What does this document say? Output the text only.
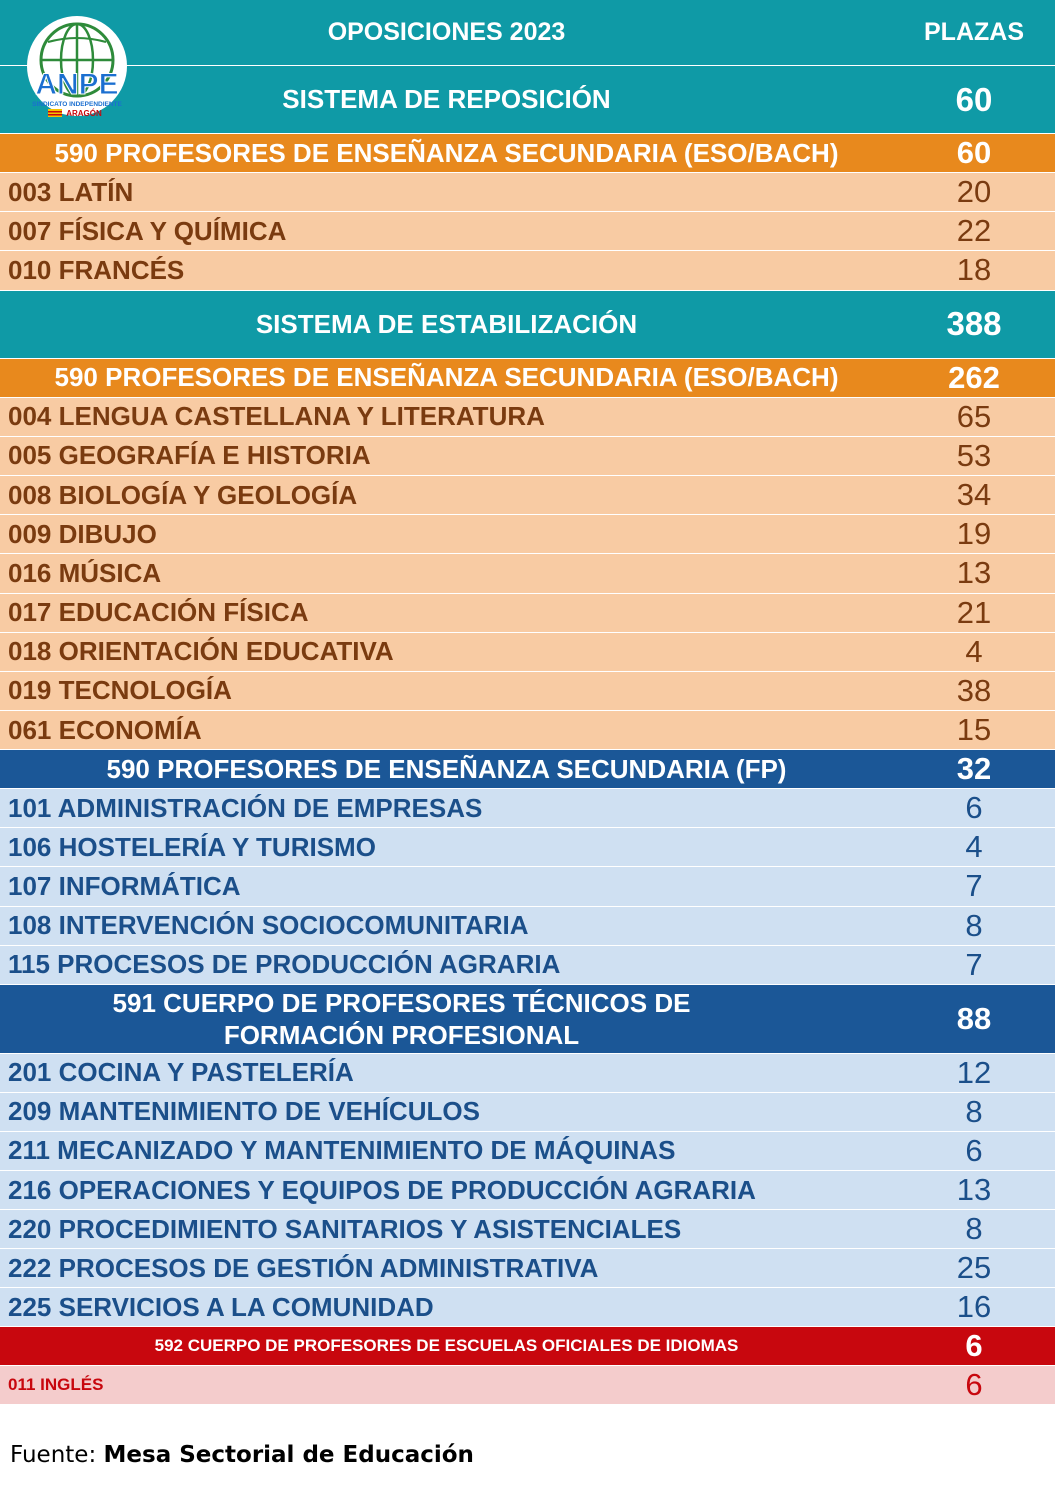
OPOSICIONES 2023	PLAZAS
SISTEMA DE REPOSICIÓN	60
590 PROFESORES DE ENSEÑANZA SECUNDARIA (ESO/BACH)	60
003 LATÍN	20
007 FÍSICA Y QUÍMICA	22
010 FRANCÉS	18
SISTEMA DE ESTABILIZACIÓN	388
590 PROFESORES DE ENSEÑANZA SECUNDARIA (ESO/BACH)	262
004 LENGUA CASTELLANA Y LITERATURA	65
005 GEOGRAFÍA E HISTORIA	53
008 BIOLOGÍA Y GEOLOGÍA	34
009 DIBUJO	19
016 MÚSICA	13
017 EDUCACIÓN FÍSICA	21
018 ORIENTACIÓN EDUCATIVA	4
019 TECNOLOGÍA	38
061 ECONOMÍA	15
590 PROFESORES DE ENSEÑANZA SECUNDARIA (FP)	32
101 ADMINISTRACIÓN DE EMPRESAS	6
106 HOSTELERÍA Y TURISMO	4
107 INFORMÁTICA	7
108 INTERVENCIÓN SOCIOCOMUNITARIA	8
115 PROCESOS DE PRODUCCIÓN AGRARIA	7
591 CUERPO DE PROFESORES TÉCNICOS DE FORMACIÓN PROFESIONAL	88
201 COCINA Y PASTELERÍA	12
209 MANTENIMIENTO DE VEHÍCULOS	8
211 MECANIZADO Y MANTENIMIENTO DE MÁQUINAS	6
216 OPERACIONES Y EQUIPOS DE PRODUCCIÓN AGRARIA	13
220 PROCEDIMIENTO SANITARIOS Y ASISTENCIALES	8
222 PROCESOS DE GESTIÓN ADMINISTRATIVA	25
225 SERVICIOS A LA COMUNIDAD	16
592 CUERPO DE PROFESORES DE ESCUELAS OFICIALES DE IDIOMAS	6
011 INGLÉS	6
ANPE
SINDICATO INDEPENDIENTE
ARAGÓN
Fuente: Mesa Sectorial de Educación
